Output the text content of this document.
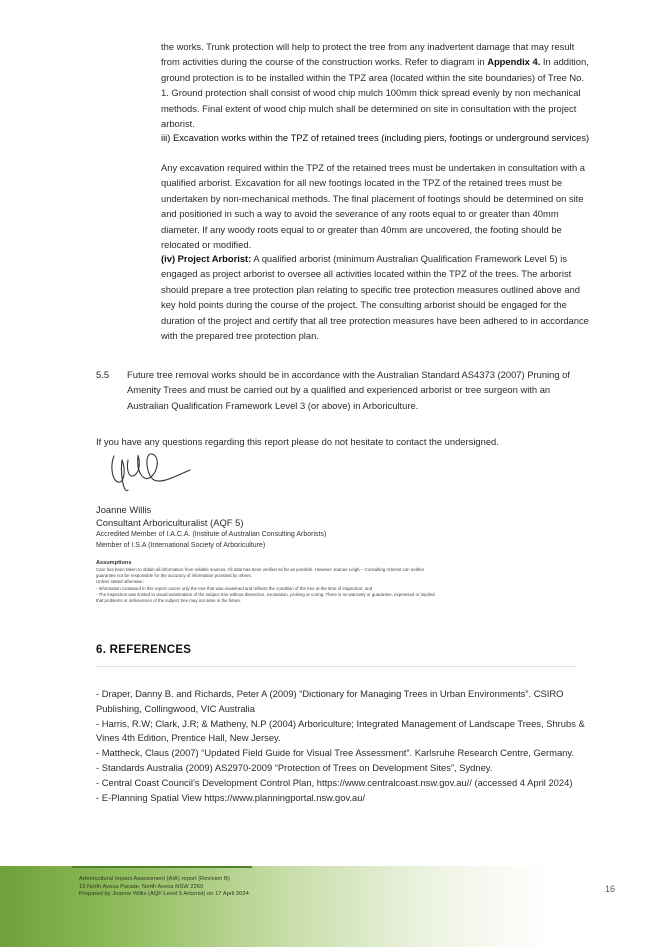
the works. Trunk protection will help to protect the tree from any inadvertent damage that may result from activities during the course of the construction works. Refer to diagram in Appendix 4. In addition, ground protection is to be installed within the TPZ area (located within the site boundaries) of Tree No. 1. Ground protection shall consist of wood chip mulch 100mm thick spread evenly by non mechanical methods. Final extent of wood chip mulch shall be determined on site in consultation with the project arborist.

iii) Excavation works within the TPZ of retained trees (including piers, footings or underground services)

Any excavation required within the TPZ of the retained trees must be undertaken in consultation with a qualified arborist. Excavation for all new footings located in the TPZ of the retained trees must be undertaken by non-mechanical methods. The final placement of footings should be determined on site and positioned in such a way to avoid the severance of any roots equal to or greater than 40mm diameter. If any woody roots equal to or greater than 40mm are uncovered, the footing should be relocated or modified.

(iv) Project Arborist: A qualified arborist (minimum Australian Qualification Framework Level 5) is engaged as project arborist to oversee all activities located within the TPZ of the trees. The arborist should prepare a tree protection plan relating to specific tree protection measures outlined above and key hold points during the course of the project. The consulting arborist should be engaged for the duration of the project and certify that all tree protection measures have been adhered to in accordance with the prepared tree protection plan.

5.5 Future tree removal works should be in accordance with the Australian Standard AS4373 (2007) Pruning of Amenity Trees and must be carried out by a qualified and experienced arborist or tree surgeon with an Australian Qualification Framework Level 3 (or above) in Arboriculture.

If you have any questions regarding this report please do not hesitate to contact the undersigned.

Joanne Willis
Consultant Arboriculturalist (AQF 5)
Accredited Member of I.A.C.A. (Institute of Australian Consulting Arborists)
Member of I.S.A (International Society of Arboriculture)
Assumptions
Care has been taken to obtain all information from reliable sources. All data has been verified as far as possible. However Joanne Leigh – Consulting Arborist can neither
guarantee nor be responsible for the accuracy of information provided by others.
Unless stated otherwise:
- Information contained in this report covers only the tree that was examined and reflects the condition of the tree at the time of inspection: and
- The inspection was limited to visual examination of the subject tree without dissection, excavation, probing or coring. There is no warranty or guarantee, expressed or implied
that problems or deficiencies of the subject tree may not arise in the future.
6. REFERENCES

- Draper, Danny B. and Richards, Peter A (2009) “Dictionary for Managing Trees in Urban Environments”. CSIRO Publishing, Collingwood, VIC Australia

- Harris, R.W; Clark, J.R; & Matheny, N.P (2004) Arboriculture; Integrated Management of Landscape Trees, Shrubs & Vines 4th Edition, Prentice Hall, New Jersey.

- Mattheck, Claus (2007) “Updated Field Guide for Visual Tree Assessment”. Karlsruhe Research Centre, Germany.

- Standards Australia (2009) AS2970-2009 “Protection of Trees on Development Sites”, Sydney.

- Central Coast Council’s Development Control Plan, https://www.centralcoast.nsw.gov.au// (accessed 4 April 2024)

- E-Planning Spatial View https://www.planningportal.nsw.gov.au/

Arboricultural Impact Assessment (AIA) report (Revision B)
15 North Avoca Parade, North Avoca NSW 2260
Prepared by Joanne Willis (AQF Level 5 Arborist) on 17 April 2024
16
